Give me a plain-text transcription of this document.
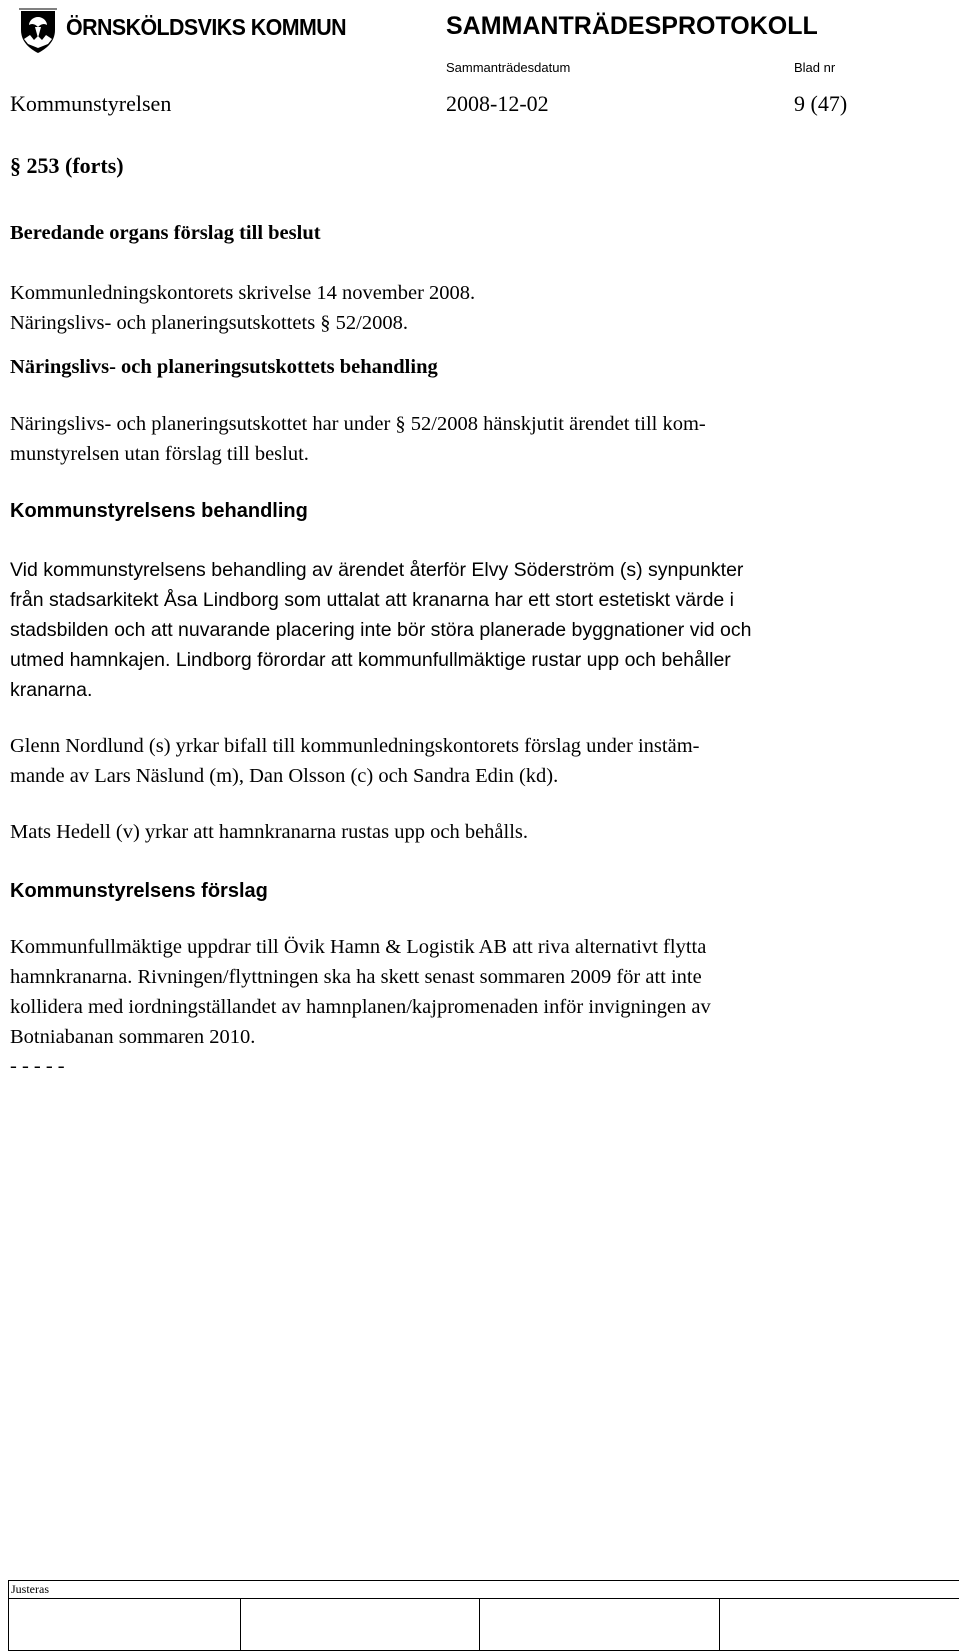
ÖRNSKÖLDSVIKS KOMMUN	SAMMANTRÄDESPROTOKOLL
Sammanträdesdatum	Blad nr
Kommunstyrelsen	2008-12-02	9 (47)
§ 253 (forts)
Beredande organs förslag till beslut
Kommunledningskontorets skrivelse 14 november 2008.
Näringslivs- och planeringsutskottets § 52/2008.
Näringslivs- och planeringsutskottets behandling
Näringslivs- och planeringsutskottet har under § 52/2008 hänskjutit ärendet till kom-
munstyrelsen utan förslag till beslut.
Kommunstyrelsens behandling
Vid kommunstyrelsens behandling av ärendet återför Elvy Söderström (s) synpunkter
från stadsarkitekt Åsa Lindborg som uttalat att kranarna har ett stort estetiskt värde i
stadsbilden och att nuvarande placering inte bör störa planerade byggnationer vid och
utmed hamnkajen. Lindborg förordar att kommunfullmäktige rustar upp och behåller
kranarna.
Glenn Nordlund (s) yrkar bifall till kommunledningskontorets förslag under instäm-
mande av Lars Näslund (m), Dan Olsson (c) och Sandra Edin (kd).
Mats Hedell (v) yrkar att hamnkranarna rustas upp och behålls.
Kommunstyrelsens förslag
Kommunfullmäktige uppdrar till Övik Hamn & Logistik AB att riva alternativt flytta
hamnkranarna. Rivningen/flyttningen ska ha skett senast sommaren 2009 för att inte
kollidera med iordningställandet av hamnplanen/kajpromenaden inför invigningen av
Botniabanan sommaren 2010.
- - - - -
Justeras
